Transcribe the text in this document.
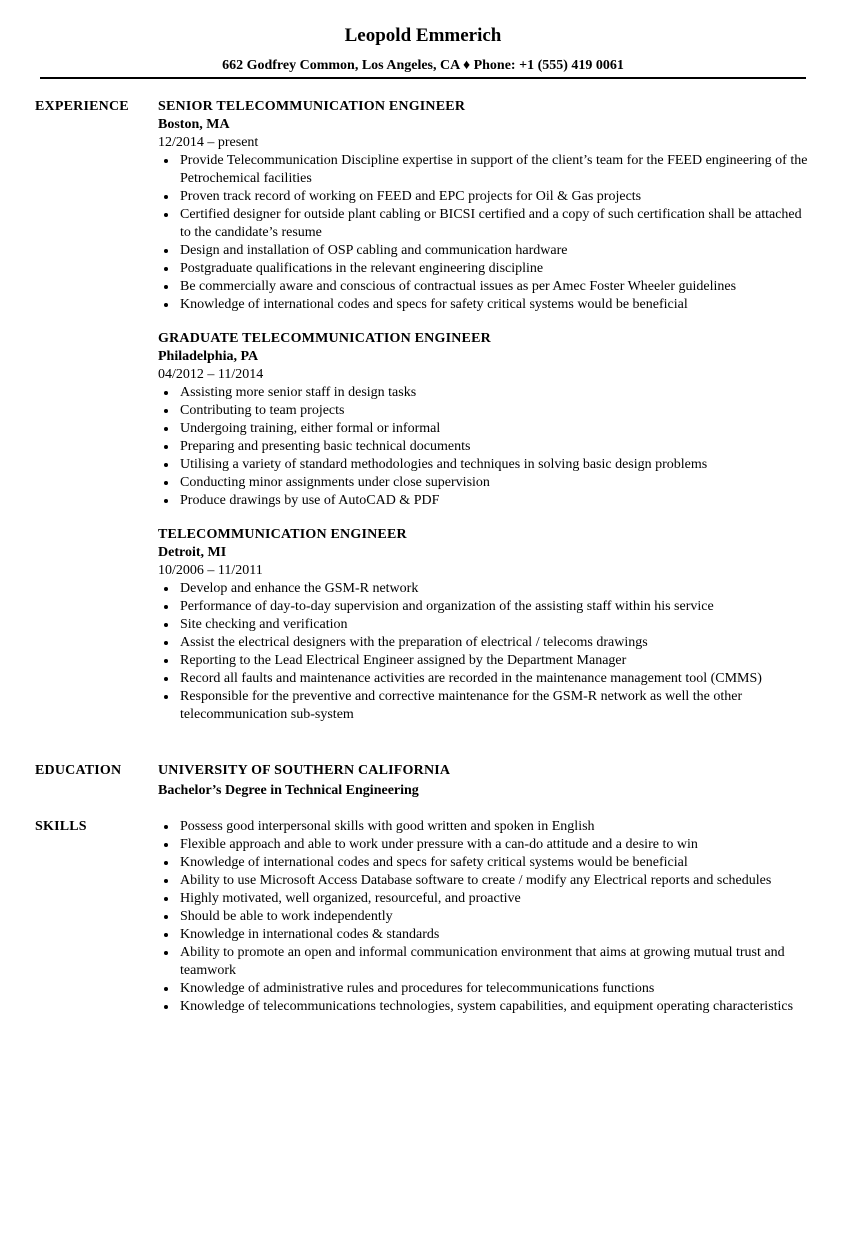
Leopold Emmerich
662 Godfrey Common, Los Angeles, CA ♦ Phone: +1 (555) 419 0061
EXPERIENCE SENIOR TELECOMMUNICATION ENGINEER
Boston, MA
12/2014 – present
Provide Telecommunication Discipline expertise in support of the client’s team for the FEED engineering of the Petrochemical facilities
Proven track record of working on FEED and EPC projects for Oil & Gas projects
Certified designer for outside plant cabling or BICSI certified and a copy of such certification shall be attached to the candidate’s resume
Design and installation of OSP cabling and communication hardware
Postgraduate qualifications in the relevant engineering discipline
Be commercially aware and conscious of contractual issues as per Amec Foster Wheeler guidelines
Knowledge of international codes and specs for safety critical systems would be beneficial
GRADUATE TELECOMMUNICATION ENGINEER
Philadelphia, PA
04/2012 – 11/2014
Assisting more senior staff in design tasks
Contributing to team projects
Undergoing training, either formal or informal
Preparing and presenting basic technical documents
Utilising a variety of standard methodologies and techniques in solving basic design problems
Conducting minor assignments under close supervision
Produce drawings by use of AutoCAD & PDF
TELECOMMUNICATION ENGINEER
Detroit, MI
10/2006 – 11/2011
Develop and enhance the GSM-R network
Performance of day-to-day supervision and organization of the assisting staff within his service
Site checking and verification
Assist the electrical designers with the preparation of electrical / telecoms drawings
Reporting to the Lead Electrical Engineer assigned by the Department Manager
Record all faults and maintenance activities are recorded in the maintenance management tool (CMMS)
Responsible for the preventive and corrective maintenance for the GSM-R network as well the other telecommunication sub-system
EDUCATION	UNIVERSITY OF SOUTHERN CALIFORNIA
Bachelor’s Degree in Technical Engineering
SKILLS	Possess good interpersonal skills with good written and spoken in English
Flexible approach and able to work under pressure with a can-do attitude and a desire to win
Knowledge of international codes and specs for safety critical systems would be beneficial
Ability to use Microsoft Access Database software to create / modify any Electrical reports and schedules
Highly motivated, well organized, resourceful, and proactive
Should be able to work independently
Knowledge in international codes & standards
Ability to promote an open and informal communication environment that aims at growing mutual trust and teamwork
Knowledge of administrative rules and procedures for telecommunications functions
Knowledge of telecommunications technologies, system capabilities, and equipment operating characteristics
